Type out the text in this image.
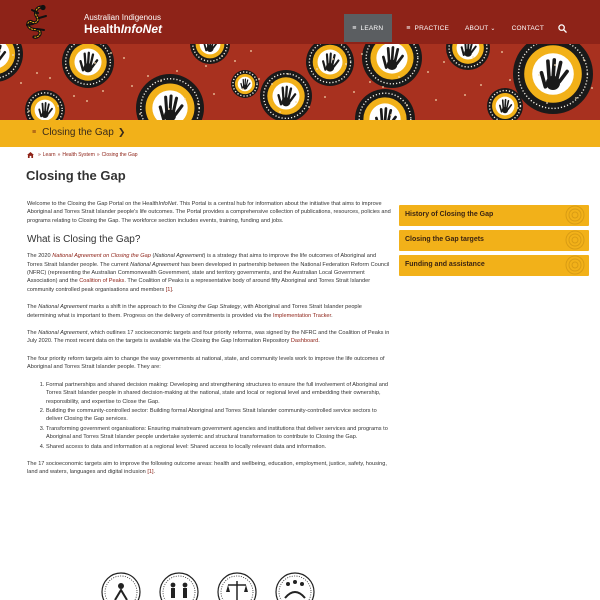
Australian Indigenous
HealthInfoNet	≡ LEARN	≡ PRACTICE ABOUT ⌄ CONTACT
≡ Closing the Gap ❯
» Learn » Health System » Closing the Gap
Closing the Gap

Welcome to the Closing the Gap Portal on the HealthInfoNet. This Portal is a central hub for information about the initiative that aims to improve Aboriginal and Torres Strait Islander people's life outcomes. The Portal provides a comprehensive collection of publications, resources, policies and programs relating to Closing the Gap. The workforce section includes events, training, funding and jobs.

What is Closing the Gap?

The 2020 National Agreement on Closing the Gap (National Agreement) is a strategy that aims to improve the life outcomes of Aboriginal and Torres Strait Islander people. The current National Agreement has been developed in partnership between the National Federation Reform Council (NFRC) (representing the Australian Commonwealth Government, state and territory governments, and the Australian Local Government Association) and the Coalition of Peaks. The Coalition of Peaks is a representative body of around fifty Aboriginal and Torres Strait Islander community controlled peak organisations and members [1].

The National Agreement marks a shift in the approach to the Closing the Gap Strategy, with Aboriginal and Torres Strait Islander people determining what is important to them. Progress on the delivery of commitments is provided via the Implementation Tracker.

The National Agreement, which outlines 17 socioeconomic targets and four priority reforms, was signed by the NFRC and the Coalition of Peaks in July 2020. The most recent data on the targets is available via the Closing the Gap Information Repository Dashboard.

The four priority reform targets aim to change the way governments at national, state, and community levels work to improve the life outcomes of Aboriginal and Torres Strait Islander people. They are:

1. Formal partnerships and shared decision making: Developing and strengthening structures to ensure the full involvement of Aboriginal and Torres Strait Islander people in shared decision-making at the national, state and local or regional level and embedding their ownership, responsibility, and expertise to Close the Gap.
2. Building the community-controlled sector: Building formal Aboriginal and Torres Strait Islander community-controlled service sectors to deliver Closing the Gap services.
3. Transforming government organisations: Ensuring mainstream government agencies and institutions that deliver services and programs to Aboriginal and Torres Strait Islander people undertake systemic and structural transformation to contribute to Closing the Gap.
4. Shared access to data and information at a regional level: Shared access to locally relevant data and information.

The 17 socioeconomic targets aim to improve the following outcome areas: health and wellbeing, education, employment, justice, safety, housing, land and waters, languages and digital inclusion [1].

History of Closing the Gap
Closing the Gap targets
Funding and assistance
